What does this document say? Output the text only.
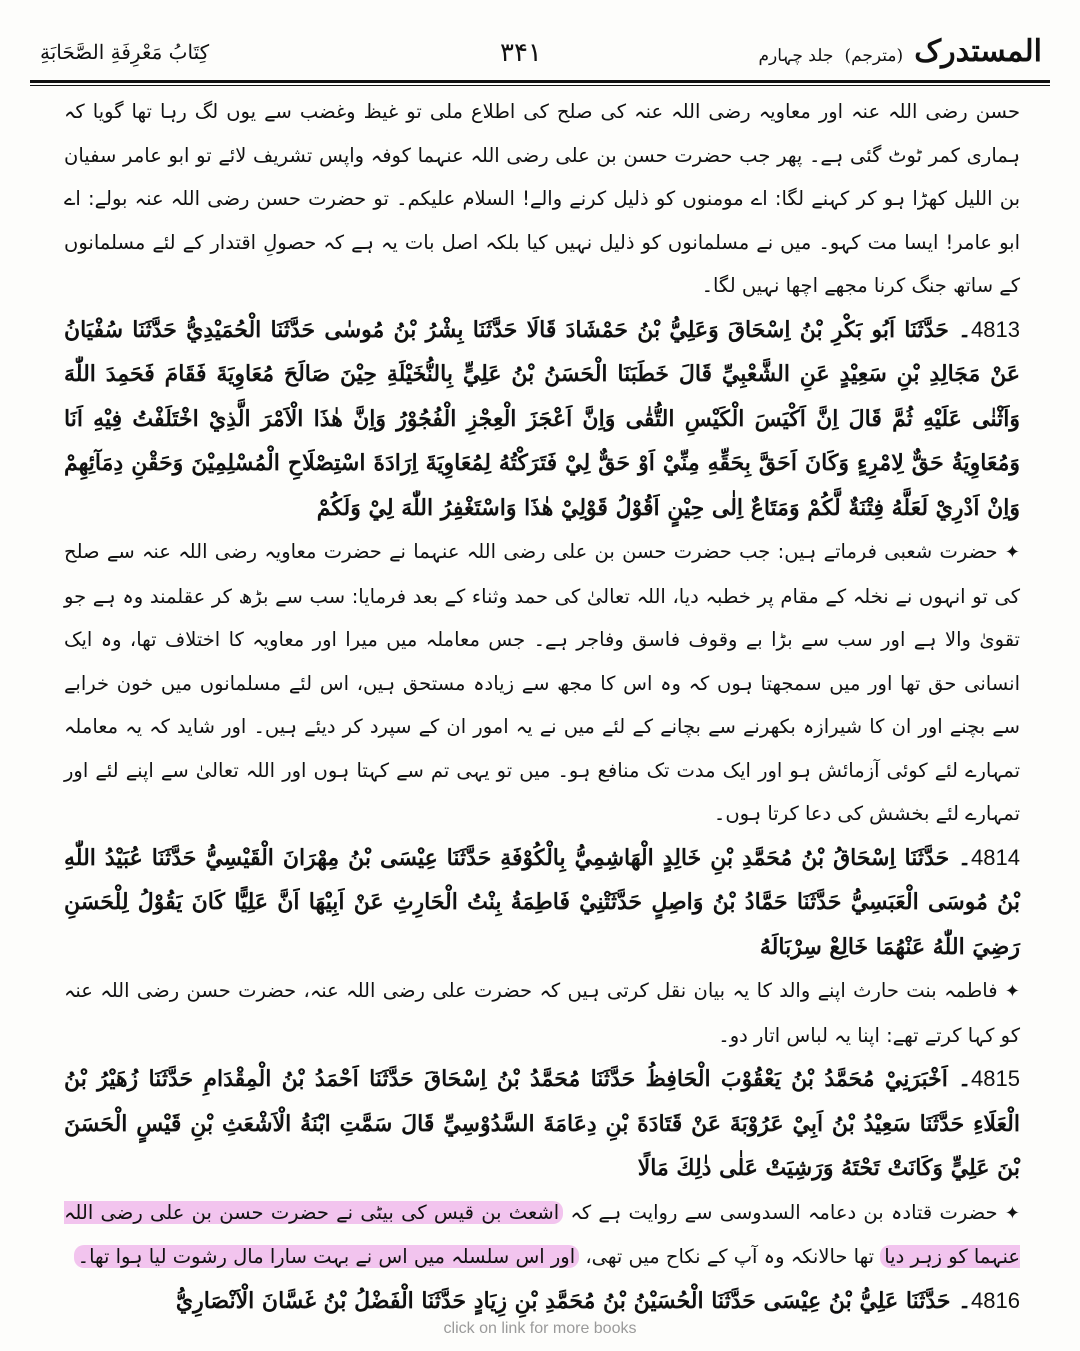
المستدرک (مترجم) جلد چہارم
۳۴۱
کِتَابُ مَعْرِفَةِ الصَّحَابَةِ

حسن رضی اللہ عنہ اور معاویہ رضی اللہ عنہ کی صلح کی اطلاع ملی تو غیظ وغضب سے یوں لگ رہا تھا گویا کہ ہماری کمر ٹوٹ گئی ہے۔ پھر جب حضرت حسن بن علی رضی اللہ عنہما کوفہ واپس تشریف لائے تو ابو عامر سفیان بن اللیل کھڑا ہو کر کہنے لگا: اے مومنوں کو ذلیل کرنے والے! السلام علیکم۔ تو حضرت حسن رضی اللہ عنہ بولے: اے ابو عامر! ایسا مت کہو۔ میں نے مسلمانوں کو ذلیل نہیں کیا بلکہ اصل بات یہ ہے کہ حصولِ اقتدار کے لئے مسلمانوں کے ساتھ جنگ کرنا مجھے اچھا نہیں لگا۔

4813۔ حَدَّثَنَا اَبُو بَكْرِ بْنُ اِسْحَاقَ وَعَلِيُّ بْنُ حَمْشَادَ قَالَا حَدَّثَنَا بِشْرُ بْنُ مُوسٰى حَدَّثَنَا الْحُمَيْدِيُّ حَدَّثَنَا سُفْيَانُ عَنْ مَجَالِدِ بْنِ سَعِيْدٍ عَنِ الشَّعْبِيِّ قَالَ خَطَبَنَا الْحَسَنُ بْنُ عَلِيٍّ بِالنُّخَيْلَةِ حِيْنَ صَالَحَ مُعَاوِيَةَ فَقَامَ فَحَمِدَ اللّٰهَ وَاَثْنٰى عَلَيْهِ ثُمَّ قَالَ اِنَّ اَكْيَسَ الْكَيْسِ التُّقٰى وَاِنَّ اَعْجَزَ الْعِجْزِ الْفُجُوْرُ وَاِنَّ هٰذَا الْاَمْرَ الَّذِيْ اخْتَلَفْتُ فِيْهِ اَنَا وَمُعَاوِيَةُ حَقٌّ لِامْرِءٍ وَكَانَ اَحَقَّ بِحَقِّهِ مِنِّيْ اَوْ حَقٌّ لِيْ فَتَرَكْتُهُ لِمُعَاوِيَةَ اِرَادَةَ اسْتِصْلَاحِ الْمُسْلِمِيْنَ وَحَقْنِ دِمَآئِهِمْ وَاِنْ اَدْرِيْ لَعَلَّهُ فِتْنَةٌ لَّكُمْ وَمَتَاعٌ اِلٰى حِيْنٍ اَقُوْلُ قَوْلِيْ هٰذَا وَاسْتَغْفِرُ اللّٰهَ لِيْ وَلَكُمْ

✦ حضرت شعبی فرماتے ہیں: جب حضرت حسن بن علی رضی اللہ عنہما نے حضرت معاویہ رضی اللہ عنہ سے صلح کی تو انہوں نے نخلہ کے مقام پر خطبہ دیا، اللہ تعالیٰ کی حمد وثناء کے بعد فرمایا: سب سے بڑھ کر عقلمند وہ ہے جو تقویٰ والا ہے اور سب سے بڑا بے وقوف فاسق وفاجر ہے۔ جس معاملہ میں میرا اور معاویہ کا اختلاف تھا، وہ ایک انسانی حق تھا اور میں سمجھتا ہوں کہ وہ اس کا مجھ سے زیادہ مستحق ہیں، اس لئے مسلمانوں میں خون خرابے سے بچنے اور ان کا شیرازہ بکھرنے سے بچانے کے لئے میں نے یہ امور ان کے سپرد کر دیئے ہیں۔ اور شاید کہ یہ معاملہ تمہارے لئے کوئی آزمائش ہو اور ایک مدت تک منافع ہو۔ میں تو یہی تم سے کہتا ہوں اور اللہ تعالیٰ سے اپنے لئے اور تمہارے لئے بخشش کی دعا کرتا ہوں۔

4814۔ حَدَّثَنَا اِسْحَاقُ بْنُ مُحَمَّدِ بْنِ خَالِدٍ الْهَاشِمِيُّ بِالْكُوْفَةِ حَدَّثَنَا عِيْسَى بْنُ مِهْرَانَ الْقَيْسِيُّ حَدَّثَنَا عُبَيْدُ اللّٰهِ بْنُ مُوسَى الْعَبَسِيُّ حَدَّثَنَا حَمَّادُ بْنُ وَاصِلٍ حَدَّثَتْنِيْ فَاطِمَةُ بِنْتُ الْحَارِثِ عَنْ اَبِيْهَا اَنَّ عَلِيًّا كَانَ يَقُوْلُ لِلْحَسَنِ رَضِيَ اللّٰهُ عَنْهُمَا خَالِعْ سِرْبَالَهُ

✦ فاطمہ بنت حارث اپنے والد کا یہ بیان نقل کرتی ہیں کہ حضرت علی رضی اللہ عنہ، حضرت حسن رضی اللہ عنہ کو کہا کرتے تھے: اپنا یہ لباس اتار دو۔

4815۔ اَخْبَرَنِيْ مُحَمَّدُ بْنُ يَعْقُوْبَ الْحَافِظُ حَدَّثَنَا مُحَمَّدُ بْنُ اِسْحَاقَ حَدَّثَنَا اَحْمَدُ بْنُ الْمِقْدَامِ حَدَّثَنَا زُهَيْرُ بْنُ الْعَلَاءِ حَدَّثَنَا سَعِيْدُ بْنُ اَبِيْ عَرُوْبَةَ عَنْ قَتَادَةَ بْنِ دِعَامَةَ السَّدُوْسِيِّ قَالَ سَمَّتِ ابْنَةُ الْاَشْعَثِ بْنِ قَيْسٍ الْحَسَنَ بْنَ عَلِيٍّ وَكَانَتْ تَحْتَهُ وَرَشِيَتْ عَلٰى ذٰلِكَ مَالًا

✦ حضرت قتادہ بن دعامہ السدوسی سے روایت ہے کہ اشعث بن قیس کی بیٹی نے حضرت حسن بن علی رضی اللہ عنہما کو زہر دیا تھا حالانکہ وہ آپ کے نکاح میں تھی، اور اس سلسلہ میں اس نے بہت سارا مال رشوت لیا ہوا تھا۔

4816۔ حَدَّثَنَا عَلِيُّ بْنُ عِيْسَى حَدَّثَنَا الْحُسَيْنُ بْنُ مُحَمَّدِ بْنِ زِيَادٍ حَدَّثَنَا الْفَضْلُ بْنُ غَسَّانَ الْاَنْصَارِيُّ

click on link for more books
